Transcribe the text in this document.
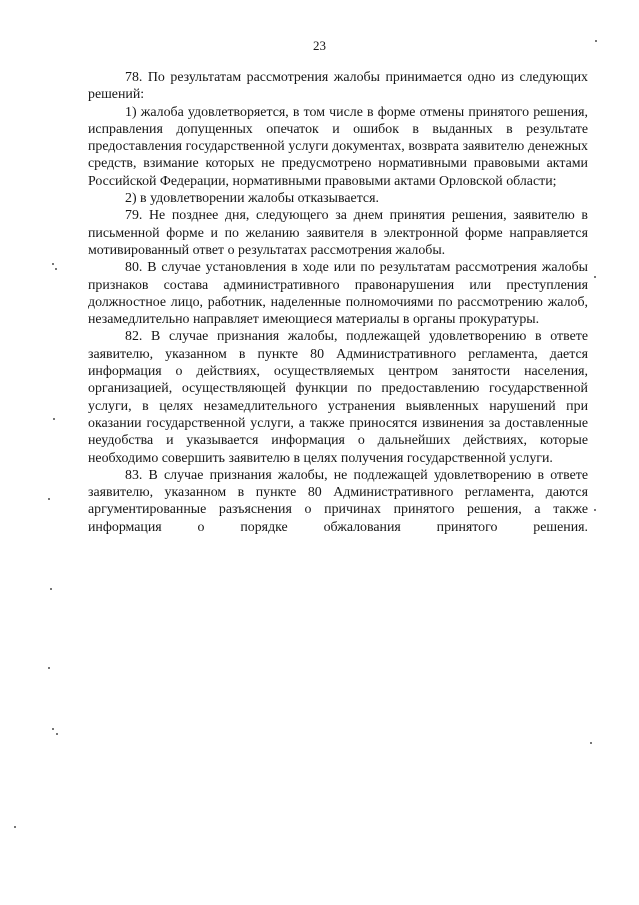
23

78. По результатам рассмотрения жалобы принимается одно из следующих решений:

1) жалоба удовлетворяется, в том числе в форме отмены принятого решения, исправления допущенных опечаток и ошибок в выданных в результате предоставления государственной услуги документах, возврата заявителю денежных средств, взимание которых не предусмотрено нормативными правовыми актами Российской Федерации, нормативными правовыми актами Орловской области;

2) в удовлетворении жалобы отказывается.

79. Не позднее дня, следующего за днем принятия решения, заявителю в письменной форме и по желанию заявителя в электронной форме направляется мотивированный ответ о результатах рассмотрения жалобы.

80. В случае установления в ходе или по результатам рассмотрения жалобы признаков состава административного правонарушения или преступления должностное лицо, работник, наделенные полномочиями по рассмотрению жалоб, незамедлительно направляет имеющиеся материалы в органы прокуратуры.

82. В случае признания жалобы, подлежащей удовлетворению в ответе заявителю, указанном в пункте 80 Административного регламента, дается информация о действиях, осуществляемых центром занятости населения, организацией, осуществляющей функции по предоставлению государственной услуги, в целях незамедлительного устранения выявленных нарушений при оказании государственной услуги, а также приносятся извинения за доставленные неудобства и указывается информация о дальнейших действиях, которые необходимо совершить заявителю в целях получения государственной услуги.

83. В случае признания жалобы, не подлежащей удовлетворению в ответе заявителю, указанном в пункте 80 Административного регламента, даются аргументированные разъяснения о причинах принятого решения, а также информация о порядке обжалования принятого решения.
